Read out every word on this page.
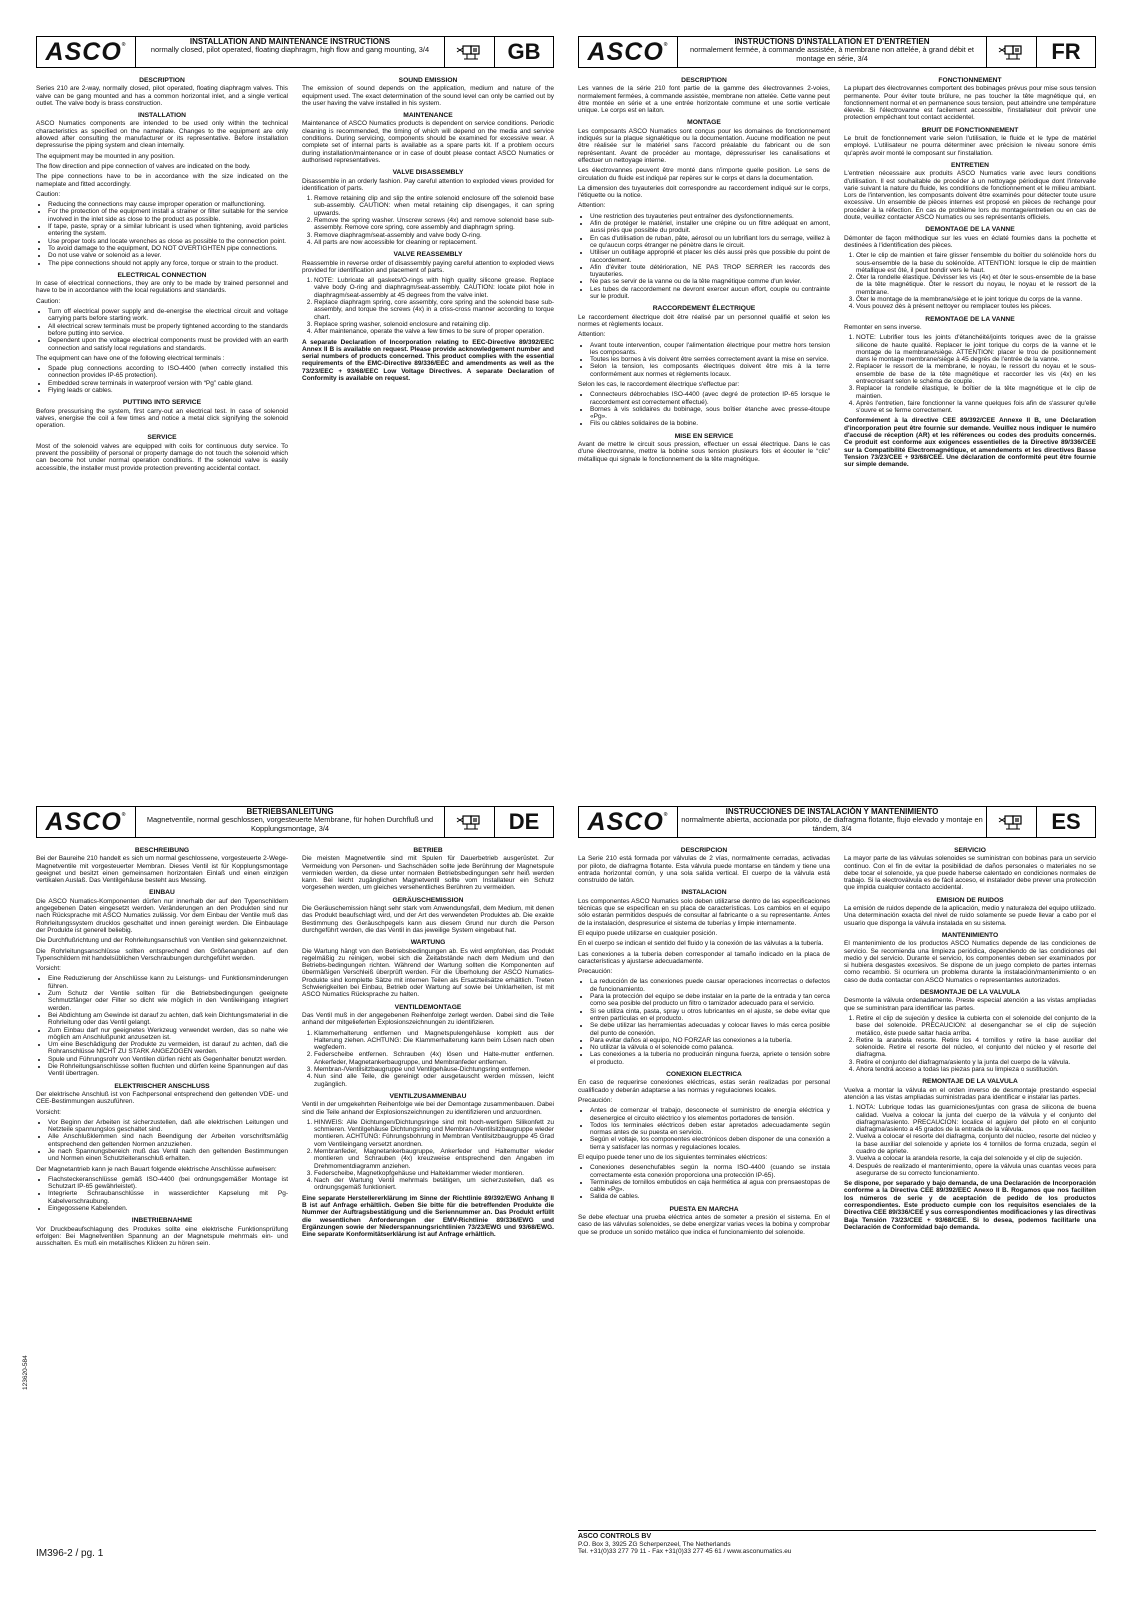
ASCO ®	INSTALLATION AND MAINTENANCE INSTRUCTIONS
normally closed, pilot operated, floating diaphragm, high flow and gang mounting, 3/4	GB
DESCRIPTION

Series 210 are 2-way, normally closed, pilot operated, floating diaphragm valves. This valve can be gang mounted and has a common horizontal inlet, and a single vertical outlet. The valve body is brass construction.

INSTALLATION

ASCO Numatics components are intended to be used only within the technical characteristics as specified on the nameplate. Changes to the equipment are only allowed after consulting the manufacturer or its representative. Before installation depressurise the piping system and clean internally.

The equipment may be mounted in any position.

The flow direction and pipe connection of valves are indicated on the body.

The pipe connections have to be in accordance with the size indicated on the nameplate and fitted accordingly.

Caution:

• Reducing the connections may cause improper operation or malfunctioning.
• For the protection of the equipment install a strainer or filter suitable for the service involved in the inlet side as close to the product as possible.
• If tape, paste, spray or a similar lubricant is used when tightening, avoid particles entering the system.
• Use proper tools and locate wrenches as close as possible to the connection point.
• To avoid damage to the equipment, DO NOT OVERTIGHTEN pipe connections.
• Do not use valve or solenoid as a lever.
• The pipe connections should not apply any force, torque or strain to the product.
ELECTRICAL CONNECTION

In case of electrical connections, they are only to be made by trained personnel and have to be in accordance with the local regulations and standards.

Caution:

• Turn off electrical power supply and de-energise the electrical circuit and voltage carrying parts before starting work.
• All electrical screw terminals must be properly tightened according to the standards before putting into service.
• Dependent upon the voltage electrical components must be provided with an earth connection and satisfy local regulations and standards.

The equipment can have one of the following electrical terminals :

• Spade plug connections according to ISO-4400 (when correctly installed this connection provides IP-65 protection).
• Embedded screw terminals in waterproof version with “Pg” cable gland.
• Flying leads or cables.
PUTTING INTO SERVICE

Before pressurising the system, first carry-out an electrical test. In case of solenoid valves, energise the coil a few times and notice a metal click signifying the solenoid operation.

SERVICE

Most of the solenoid valves are equipped with coils for continuous duty service. To prevent the possibility of personal or property damage do not touch the solenoid which can become hot under normal operation conditions. If the solenoid valve is easily accessible, the installer must provide protection preventing accidental contact.

SOUND EMISSION

The emission of sound depends on the application, medium and nature of the equipment used. The exact determination of the sound level can only be carried out by the user having the valve installed in his system.

MAINTENANCE

Maintenance of ASCO Numatics products is dependent on service conditions. Periodic cleaning is recommended, the timing of which will depend on the media and service conditions. During servicing, components should be examined for excessive wear. A complete set of internal parts is available as a spare parts kit. If a problem occurs during installation/maintenance or in case of doubt please contact ASCO Numatics or authorised representatives.

VALVE DISASSEMBLY

Disassemble in an orderly fashion. Pay careful attention to exploded views provided for identification of parts.

1. Remove retaining clip and slip the entire solenoid enclosure off the solenoid base sub-assembly. CAUTION: when metal retaining clip disengages, it can spring upwards.
2. Remove the spring washer. Unscrew screws (4x) and remove solenoid base sub-assembly. Remove core spring, core assembly and diaphragm spring.
3. Remove diaphragm/seat-assembly and valve body O-ring.
4. All parts are now accessible for cleaning or replacement.
VALVE REASSEMBLY

Reassemble in reverse order of disassembly paying careful attention to exploded views provided for identification and placement of parts.

1. NOTE: Lubricate all gaskets/O-rings with high quality silicone grease. Replace valve body O-ring and diaphragm/seat-assembly. CAUTION: locate pilot hole in diaphragm/seat-assembly at 45 degrees from the valve inlet.
2. Replace diaphragm spring, core assembly, core spring and the solenoid base sub-assembly, and torque the screws (4x) in a criss-cross manner according to torque chart.
3. Replace spring washer, solenoid enclosure and retaining clip.
4. After maintenance, operate the valve a few times to be sure of proper operation.

A separate Declaration of Incorporation relating to EEC-Directive 89/392/EEC Annex II B is available on request. Please provide acknowledgement number and serial numbers of products concerned. This product complies with the essential requirements of the EMC-Directive 89/336/EEC and amendments as well as the 73/23/EEC + 93/68/EEC Low Voltage Directives. A separate Declaration of Conformity is available on request.

ASCO ®	INSTRUCTIONS D'INSTALLATION ET D'ENTRETIEN
normalement fermée, à commande assistée, à membrane non attelée, à grand débit et montage en série, 3/4	FR
DESCRIPTION

Les vannes de la série 210 font partie de la gamme des électrovannes 2-voies, normalement fermées, à commande assistée, membrane non attelée. Cette vanne peut être montée en série et a une entrée horizontale commune et une sortie verticale unique. Le corps est en laiton.

MONTAGE

Les composants ASCO Numatics sont conçus pour les domaines de fonctionnement indiqués sur la plaque signalétique ou la documentation. Aucune modification ne peut être réalisée sur le matériel sans l'accord préalable du fabricant ou de son représentant. Avant de procéder au montage, dépressuriser les canalisations et effectuer un nettoyage interne.

Les électrovannes peuvent être monté dans n'importe quelle position. Le sens de circulation du fluide est indiqué par repères sur le corps et dans la documentation.

La dimension des tuyauteries doit correspondre au raccordement indiqué sur le corps, l'étiquette ou la notice.

Attention:

• Une restriction des tuyauteries peut entraîner des dysfonctionnements.
• Afin de protéger le matériel, installer une crépine ou un filtre adéquat en amont, aussi près que possible du produit.
• En cas d'utilisation de ruban, pâte, aérosol ou un lubrifiant lors du serrage, veillez à ce qu'aucun corps étranger ne pénètre dans le circuit.
• Utiliser un outillage approprié et placer les clés aussi près que possible du point de raccordement.
• Afin d'éviter toute détérioration, NE PAS TROP SERRER les raccords des tuyauteries.
• Ne pas se servir de la vanne ou de la tête magnétique comme d'un levier.
• Les tubes de raccordement ne devront exercer aucun effort, couple ou contrainte sur le produit.
RACCORDEMENT ÉLECTRIQUE

Le raccordement électrique doit être réalisé par un personnel qualifié et selon les normes et règlements locaux.

Attention:

• Avant toute intervention, couper l'alimentation électrique pour mettre hors tension les composants.
• Toutes les bornes à vis doivent être serrées correctement avant la mise en service.
• Selon la tension, les composants électriques doivent être mis à la terre conformément aux normes et règlements locaux.

Selon les cas, le raccordement électrique s'effectue par:

• Connecteurs débrochables ISO-4400 (avec degré de protection IP-65 lorsque le raccordement est correctement effectué).
• Bornes à vis solidaires du bobinage, sous boîtier étanche avec presse-étoupe «Pg».
• Fils ou câbles solidaires de la bobine.
MISE EN SERVICE

Avant de mettre le circuit sous pression, effectuer un essai électrique. Dans le cas d'une électrovanne, mettre la bobine sous tension plusieurs fois et écouter le “clic” métallique qui signale le fonctionnement de la tête magnétique.

FONCTIONNEMENT

La plupart des électrovannes comportent des bobinages prévus pour mise sous tension permanente. Pour éviter toute brûlure, ne pas toucher la tête magnétique qui, en fonctionnement normal et en permanence sous tension, peut atteindre une température élevée. Si l'électrovanne est facilement accessible, l'installateur doit prévoir une protection empêchant tout contact accidentel.

BRUIT DE FONCTIONNEMENT

Le bruit de fonctionnement varie selon l'utilisation, le fluide et le type de matériel employé. L'utilisateur ne pourra déterminer avec précision le niveau sonore émis qu'après avoir monté le composant sur l'installation.

ENTRETIEN

L'entretien nécessaire aux produits ASCO Numatics varie avec leurs conditions d'utilisation. Il est souhaitable de procéder à un nettoyage périodique dont l'intervalle varie suivant la nature du fluide, les conditions de fonctionnement et le milieu ambiant. Lors de l'intervention, les composants doivent être examinés pour détecter toute usure excessive. Un ensemble de pièces internes est proposé en pièces de rechange pour procéder à la réfection. En cas de problème lors du montage/entretien ou en cas de doute, veuillez contacter ASCO Numatics ou ses représentants officiels.

DEMONTAGE DE LA VANNE

Démonter de façon méthodique sur les vues en éclaté fournies dans la pochette et destinées à l'identification des pièces.

1. Oter le clip de maintien et faire glisser l'ensemble du boîtier du solénoïde hors du sous-ensemble de la base du solénoïde. ATTENTION: lorsque le clip de maintien métallique est ôté, il peut bondir vers le haut.
2. Ôter la rondelle élastique. Dévisser les vis (4x) et ôter le sous-ensemble de la base de la tête magnétique. Ôter le ressort du noyau, le noyau et le ressort de la membrane.
3. Ôter le montage de la membrane/siège et le joint torique du corps de la vanne.
4. Vous pouvez dès à présent nettoyer ou remplacer toutes les pièces.
REMONTAGE DE LA VANNE

Remonter en sens inverse.

1. NOTE: Lubrifier tous les joints d'étanchéité/joints toriques avec de la graisse silicone de haute qualité. Replacer le joint torique du corps de la vanne et le montage de la membrane/siège. ATTENTION: placer le trou de positionnement dans le montage membrane/siège à 45 degrés de l'entrée de la vanne.
2. Replacer le ressort de la membrane, le noyau, le ressort du noyau et le sous-ensemble de base de la tête magnétique et raccorder les vis (4x) en les entrecroisant selon le schéma de couple.
3. Replacer la rondelle élastique, le boîtier de la tête magnétique et le clip de maintien.
4. Après l'entretien, faire fonctionner la vanne quelques fois afin de s'assurer qu'elle s'ouvre et se ferme correctement.

Conformément à la directive CEE 89/392/CEE Annexe II B, une Déclaration d'incorporation peut être fournie sur demande. Veuillez nous indiquer le numéro d'accusé de réception (AR) et les références ou codes des produits concernés. Ce produit est conforme aux exigences essentielles de la Directive 89/336/CEE sur la Compatibilité Electromagnétique, et amendements et les directives Basse Tension 73/23/CEE + 93/68/CEE. Une déclaration de conformité peut être fournie sur simple demande.

ASCO ®	BETRIEBSANLEITUNG
Magnetventile, normal geschlossen, vorgesteuerte Membrane, für hohen Durchfluß und Kopplungsmontage, 3/4	DE
BESCHREIBUNG

Bei der Baureihe 210 handelt es sich um normal geschlossene, vorgesteuerte 2-Wege-Magnetventile mit vorgesteuerter Membran. Dieses Ventil ist für Kopplungsmontage geeignet und besitzt einen gemeinsamen horizontalen Einlaß und einen einzigen vertikalen Auslaß. Das Ventilgehäuse besteht aus Messing.

EINBAU

Die ASCO Numatics-Komponenten dürfen nur innerhalb der auf den Typenschildern angegebenen Daten eingesetzt werden. Veränderungen an den Produkten sind nur nach Rücksprache mit ASCO Numatics zulässig. Vor dem Einbau der Ventile muß das Rohrleitungssystem drucklos geschaltet und innen gereinigt werden. Die Einbaulage der Produkte ist generell beliebig.

Die Durchflußrichtung und der Rohrleitungsanschluß von Ventilen sind gekennzeichnet.

Die Rohrleitungsanschlüsse sollten entsprechend den Größenangaben auf den Typenschildern mit handelsüblichen Verschraubungen durchgeführt werden.

Vorsicht:

• Eine Reduzierung der Anschlüsse kann zu Leistungs- und Funktionsminderungen führen.
• Zum Schutz der Ventile sollten für die Betriebsbedingungen geeignete Schmutzfänger oder Filter so dicht wie möglich in den Ventileingang integriert werden.
• Bei Abdichtung am Gewinde ist darauf zu achten, daß kein Dichtungsmaterial in die Rohrleitung oder das Ventil gelangt.
• Zum Einbau darf nur geeignetes Werkzeug verwendet werden, das so nahe wie möglich am Anschlußpunkt anzusetzen ist.
• Um eine Beschädigung der Produkte zu vermeiden, ist darauf zu achten, daß die Rohranschlüsse NICHT ZU STARK ANGEZOGEN werden.
• Spule und Führungsrohr von Ventilen dürfen nicht als Gegenhalter benutzt werden.
• Die Rohrleitungsanschlüsse sollten fluchten und dürfen keine Spannungen auf das Ventil übertragen.
ELEKTRISCHER ANSCHLUSS

Der elektrische Anschluß ist von Fachpersonal entsprechend den geltenden VDE- und CEE-Bestimmungen auszuführen.

Vorsicht:

• Vor Beginn der Arbeiten ist sicherzustellen, daß alle elektrischen Leitungen und Netzteile spannungslos geschaltet sind.
• Alle Anschlußklemmen sind nach Beendigung der Arbeiten vorschriftsmäßig entsprechend den geltenden Normen anzuziehen.
• Je nach Spannungsbereich muß das Ventil nach den geltenden Bestimmungen und Normen einen Schutzleiteranschluß erhalten.

Der Magnetantrieb kann je nach Bauart folgende elektrische Anschlüsse aufweisen:

• Flachsteckeranschlüsse gemäß ISO-4400 (bei ordnungsgemäßer Montage ist Schutzart IP-65 gewährleistet).
• Integrierte Schraubanschlüsse in wasserdichter Kapselung mit Pg-Kabelverschraubung.
• Eingegossene Kabelenden.
INBETRIEBNAHME

Vor Druckbeaufschlagung des Produkes sollte eine elektrische Funktionsprüfung erfolgen: Bei Magnetventilen Spannung an der Magnetspule mehrmals ein- und ausschalten. Es muß ein metallisches Klicken zu hören sein.

BETRIEB

Die meisten Magnetventile sind mit Spulen für Dauerbetrieb ausgerüstet. Zur Vermeidung von Personen- und Sachschäden sollte jede Berührung der Magnetspule vermieden werden, da diese unter normalen Betriebsbedingungen sehr heiß werden kann. Bei leicht zugänglichen Magnetventil sollte vom Installateur ein Schutz vorgesehen werden, um gleiches versehentliches Berühren zu vermeiden.

GERÄUSCHEMISSION

Die Geräuschemission hängt sehr stark vom Anwendungsfall, dem Medium, mit denen das Produkt beaufschlagt wird, und der Art des verwendeten Produktes ab. Die exakte Bestimmung des Geräuschpegels kann aus diesem Grund nur durch die Person durchgeführt werden, die das Ventil in das jeweilige System eingebaut hat.

WARTUNG

Die Wartung hängt von den Betriebsbedingungen ab. Es wird empfohlen, das Produkt regelmäßig zu reinigen, wobei sich die Zeitabstände nach dem Medium und den Betriebs-bedingungen richten. Während der Wartung sollten die Komponenten auf übermäßigen Verschleiß überprüft werden. Für die Überholung der ASCO Numatics-Produkte sind komplette Sätze mit internen Teilen als Ersatzteilsätze erhältlich. Treten Schwierigkeiten bei Einbau, Betrieb oder Wartung auf sowie bei Unklarheiten, ist mit ASCO Numatics Rücksprache zu halten.

VENTILDEMONTAGE

Das Ventil muß in der angegebenen Reihenfolge zerlegt werden. Dabei sind die Teile anhand der mitgelieferten Explosionszeichnungen zu identifizieren.

1. Klammerhalterung entfernen und Magnetspulengehäuse komplett aus der Halterung ziehen. ACHTUNG: Die Klammerhalterung kann beim Lösen nach oben wegfedern.
2. Federscheibe entfernen. Schrauben (4x) lösen und Halte-mutter entfernen. Ankerfeder, Magnetankerbaugruppe, und Membranfeder entfernen.
3. Membran-/Ventilsitzbaugruppe und Ventilgehäuse-Dichtungsring entfernen.
4. Nun sind alle Teile, die gereinigt oder ausgetauscht werden müssen, leicht zugänglich.
VENTILZUSAMMENBAU

Ventil in der umgekehrten Reihenfolge wie bei der Demontage zusammenbauen. Dabei sind die Teile anhand der Explosionszeichnungen zu identifizieren und anzuordnen.

1. HINWEIS: Alle Dichtungen/Dichtungsringe sind mit hoch-wertigem Silikonfett zu schmieren. Ventilgehäuse Dichtungsring und Membran-/Ventilsitzbaugruppe wieder montieren. ACHTUNG: Führungsbohrung in Membran Ventilsitzbaugruppe 45 Grad vom Ventileingang versetzt anordnen.
2. Membranfeder, Magnetankerbaugruppe, Ankerfeder und Haltemutter wieder montieren und Schrauben (4x) kreuzweise entsprechend den Angaben im Drehmomentdiagramm anziehen.
3. Federscheibe, Magnetkopfgehäuse und Halteklammer wieder montieren.
4. Nach der Wartung Ventil mehrmals betätigen, um sicherzustellen, daß es ordnungsgemäß funktioniert.

Eine separate Herstellererklärung im Sinne der Richtlinie 89/392/EWG Anhang II B ist auf Anfrage erhältlich. Geben Sie bitte für die betreffenden Produkte die Nummer der Auftragsbestätigung und die Seriennummer an. Das Produkt erfüllt die wesentlichen Anforderungen der EMV-Richtlinie 89/336/EWG und Ergänzungen sowie der Niederspannungsrichtlinien 73/23/EWG und 93/68/EWG. Eine separate Konformitätserklärung ist auf Anfrage erhältlich.

ASCO ®	INSTRUCCIONES DE INSTALACIÓN Y MANTENIMIENTO
normalmente abierta, accionada por piloto, de diafragma flotante, flujo elevado y montaje en tándem, 3/4	ES
DESCRIPCION

La Serie 210 está formada por válvulas de 2 vías, normalmente cerradas, activadas por piloto, de diafragma flotante. Esta válvula puede montarse en tándem y tiene una entrada horizontal común, y una sola salida vertical. El cuerpo de la válvula está construido de latón.

INSTALACION

Los componentes ASCO Numatics solo deben utilizarse dentro de las especificaciones técnicas que se especifican en su placa de características. Los cambios en el equipo sólo estarán permitidos después de consultar al fabricante o a su representante. Antes de la instalación, despresurice el sistema de tuberías y limpie internamente.

El equipo puede utilizarse en cualquier posición.

En el cuerpo se indican el sentido del fluido y la conexión de las válvulas a la tubería.

Las conexiones a la tubería deben corresponder al tamaño indicado en la placa de características y ajustarse adecuadamente.

Precaución:

• La reducción de las conexiones puede causar operaciones incorrectas o defectos de funcionamiento.
• Para la protección del equipo se debe instalar en la parte de la entrada y tan cerca como sea posible del producto un filtro o tamizador adecuado para el servicio.
• Si se utiliza cinta, pasta, spray u otros lubricantes en el ajuste, se debe evitar que entren partículas en el producto.
• Se debe utilizar las herramientas adecuadas y colocar llaves lo más cerca posible del punto de conexión.
• Para evitar daños al equipo, NO FORZAR las conexiones a la tubería.
• No utilizar la válvula o el solenoide como palanca.
• Las conexiones a la tubería no producirán ninguna fuerza, apriete o tensión sobre el producto.
CONEXION ELECTRICA

En caso de requerirse conexiones eléctricas, estas serán realizadas por personal cualificado y deberán adaptarse a las normas y regulaciones locales.

Precaución:

• Antes de comenzar el trabajo, desconecte el suministro de energía eléctrica y desenergice el circuito eléctrico y los elementos portadores de tensión.
• Todos los terminales eléctricos deben estar apretados adecuadamente según normas antes de su puesta en servicio.
• Según el voltaje, los componentes electrónicos deben disponer de una conexión a tierra y satisfacer las normas y regulaciones locales.

El equipo puede tener uno de los siguientes terminales eléctricos:

• Conexiones desenchufables según la norma ISO-4400 (cuando se instala correctamente esta conexión proporciona una protección IP-65).
• Terminales de tornillos embutidos en caja hermética al agua con prensaestopas de cable «Pg».
• Salida de cables.
PUESTA EN MARCHA

Se debe efectuar una prueba eléctrica antes de someter a presión el sistema. En el caso de las válvulas solenoides, se debe energizar varias veces la bobina y comprobar que se produce un sonido metálico que indica el funcionamiento del solenoide.

SERVICIO

La mayor parte de las válvulas solenoides se suministran con bobinas para un servicio continuo. Con el fin de evitar la posibilidad de daños personales o materiales no se debe tocar el solenoide, ya que puede haberse calentado en condiciones normales de trabajo. Si la electroválvula es de fácil acceso, el instalador debe prever una protección que impida cualquier contacto accidental.

EMISION DE RUIDOS

La emisión de ruidos depende de la aplicación, medio y naturaleza del equipo utilizado. Una determinación exacta del nivel de ruido solamente se puede llevar a cabo por el usuario que disponga la válvula instalada en su sistema.

MANTENIMIENTO

El mantenimiento de los productos ASCO Numatics depende de las condiciones de servicio. Se recomienda una limpieza periódica, dependiendo de las condiciones del medio y del servicio. Durante el servicio, los componentes deben ser examinados por si hubiera desgastes excesivos. Se dispone de un juego completo de partes internas como recambio. Si ocurriera un problema durante la instalación/mantenimiento o en caso de duda contactar con ASCO Numatics o representantes autorizados.

DESMONTAJE DE LA VALVULA

Desmonte la válvula ordenadamente. Preste especial atención a las vistas ampliadas que se suministran para identificar las partes.

1. Retire el clip de sujeción y deslice la cubierta con el solenoide del conjunto de la base del solenoide. PRECAUCION: al desenganchar se el clip de sujeción metálico, éste puede saltar hacia arriba.
2. Retire la arandela resorte. Retire los 4 tornillos y retire la base auxiliar del solenoide. Retire el resorte del núcleo, el conjunto del núcleo y el resorte del diafragma.
3. Retire el conjunto del diafragma/asiento y la junta del cuerpo de la válvula.
4. Ahora tendrá acceso a todas las piezas para su limpieza o sustitución.
REMONTAJE DE LA VALVULA

Vuelva a montar la válvula en el orden inverso de desmontaje prestando especial atención a las vistas ampliadas suministradas para identificar e instalar las partes.

1. NOTA: Lubrique todas las guarniciones/juntas con grasa de silicona de buena calidad. Vuelva a colocar la junta del cuerpo de la válvula y el conjunto del diafragma/asiento. PRECAUCION: localice el agujero del piloto en el conjunto diafragma/asiento a 45 grados de la entrada de la válvula.
2. Vuelva a colocar el resorte del diafragma, conjunto del núcleo, resorte del núcleo y la base auxiliar del solenoide y apriete los 4 tornillos de forma cruzada, según el cuadro de apriete.
3. Vuelva a colocar la arandela resorte, la caja del solenoide y el clip de sujeción.
4. Después de realizado el mantenimiento, opere la válvula unas cuantas veces para asegurarse de su correcto funcionamiento.

Se dispone, por separado y bajo demanda, de una Declaración de Incorporación conforme a la Directiva CEE 89/392/EEC Anexo II B. Rogamos que nos faciliten los números de serie y de aceptación de pedido de los productos correspondientes. Este producto cumple con los requisitos esenciales de la Directiva CEE 89/336/CEE y sus correspondientes modificaciones y las directivas Baja Tensión 73/23/CEE + 93/68/CEE. Si lo desea, podemos facilitarle una Declaración de Conformidad bajo demanda.

123620-584
IM396-2 / pg. 1
ASCO CONTROLS BV
P.O. Box 3, 3925 ZG Scherpenzeel, The Netherlands
Tel. +31(0)33 277 79 11 - Fax +31(0)33 277 45 61 / www.asconumatics.eu
